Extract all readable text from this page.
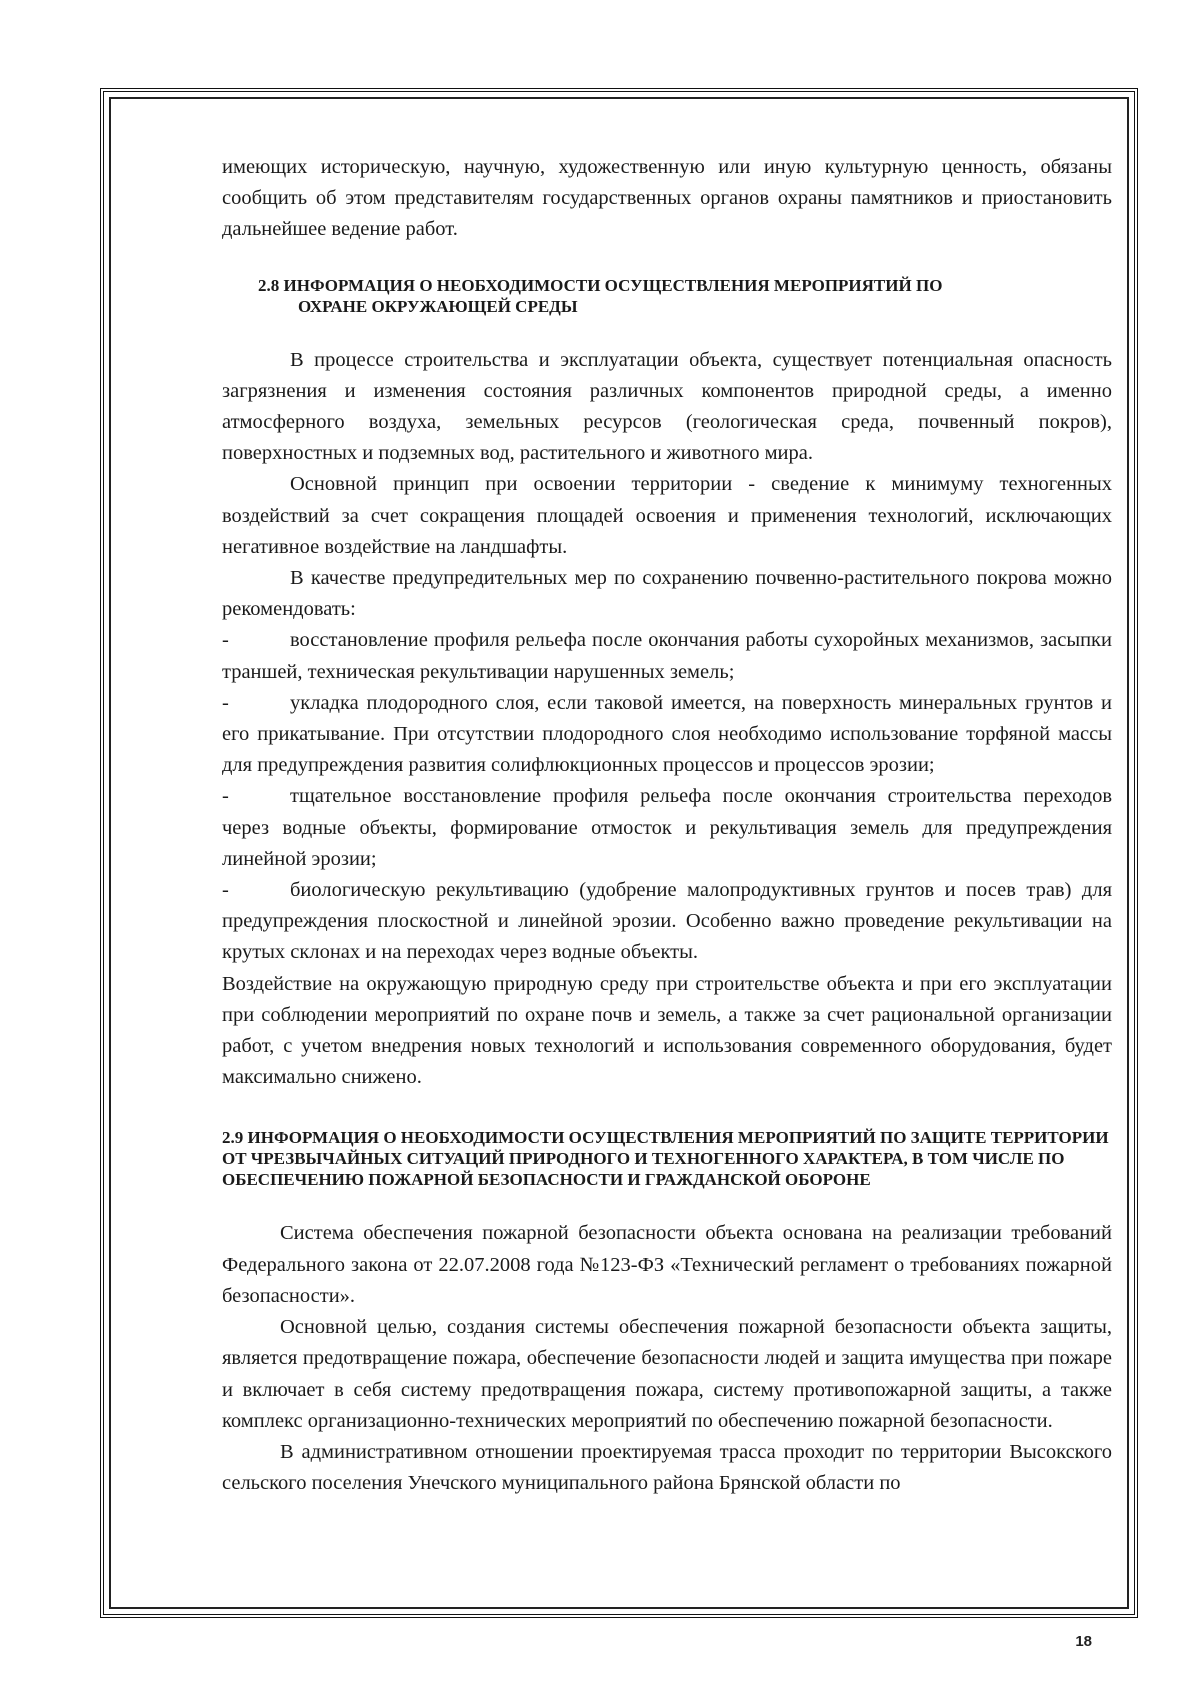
имеющих историческую, научную, художественную или иную культурную ценность, обязаны сообщить об этом представителям государственных органов охраны памятников и приостановить дальнейшее ведение работ.

2.8 ИНФОРМАЦИЯ О НЕОБХОДИМОСТИ ОСУЩЕСТВЛЕНИЯ МЕРОПРИЯТИЙ ПО
ОХРАНЕ ОКРУЖАЮЩЕЙ СРЕДЫ

В процессе строительства и эксплуатации объекта, существует потенциальная опасность загрязнения и изменения состояния различных компонентов природной среды, а именно атмосферного воздуха, земельных ресурсов (геологическая среда, почвенный покров), поверхностных и подземных вод, растительного и животного мира.

Основной принцип при освоении территории - сведение к минимуму техногенных воздействий за счет сокращения площадей освоения и применения технологий, исключающих негативное воздействие на ландшафты.

В качестве предупредительных мер по сохранению почвенно-растительного покрова можно рекомендовать:

-	восстановление профиля рельефа после окончания работы сухоройных механизмов, засыпки траншей, техническая рекультивации нарушенных земель;

-	укладка плодородного слоя, если таковой имеется, на поверхность минеральных грунтов и его прикатывание. При отсутствии плодородного слоя необходимо использование торфяной массы для предупреждения развития солифлюкционных процессов и процессов эрозии;

-	тщательное восстановление профиля рельефа после окончания строительства переходов через водные объекты, формирование отмосток и рекультивация земель для предупреждения линейной эрозии;

-	биологическую рекультивацию (удобрение малопродуктивных грунтов и посев трав) для предупреждения плоскостной и линейной эрозии. Особенно важно проведение рекультивации на крутых склонах и на переходах через водные объекты.

Воздействие на окружающую природную среду при строительстве объекта и при его эксплуатации при соблюдении мероприятий по охране почв и земель, а также за счет рациональной организации работ, с учетом внедрения новых технологий и использования современного оборудования, будет максимально снижено.

2.9 ИНФОРМАЦИЯ О НЕОБХОДИМОСТИ ОСУЩЕСТВЛЕНИЯ МЕРОПРИЯТИЙ ПО ЗАЩИТЕ ТЕРРИТОРИИ ОТ ЧРЕЗВЫЧАЙНЫХ СИТУАЦИЙ ПРИРОДНОГО И ТЕХНОГЕННОГО ХАРАКТЕРА, В ТОМ ЧИСЛЕ ПО ОБЕСПЕЧЕНИЮ ПОЖАРНОЙ БЕЗОПАСНОСТИ И ГРАЖДАНСКОЙ ОБОРОНЕ

Система обеспечения пожарной безопасности объекта основана на реализации требований Федерального закона от 22.07.2008 года №123-ФЗ «Технический регламент о требованиях пожарной безопасности».

Основной целью, создания системы обеспечения пожарной безопасности объекта защиты, является предотвращение пожара, обеспечение безопасности людей и защита имущества при пожаре и включает в себя систему предотвращения пожара, систему противопожарной защиты, а также комплекс организационно-технических мероприятий по обеспечению пожарной безопасности.

В административном отношении проектируемая трасса проходит по территории Высокского сельского поселения Унечского муниципального района Брянской области по

18
